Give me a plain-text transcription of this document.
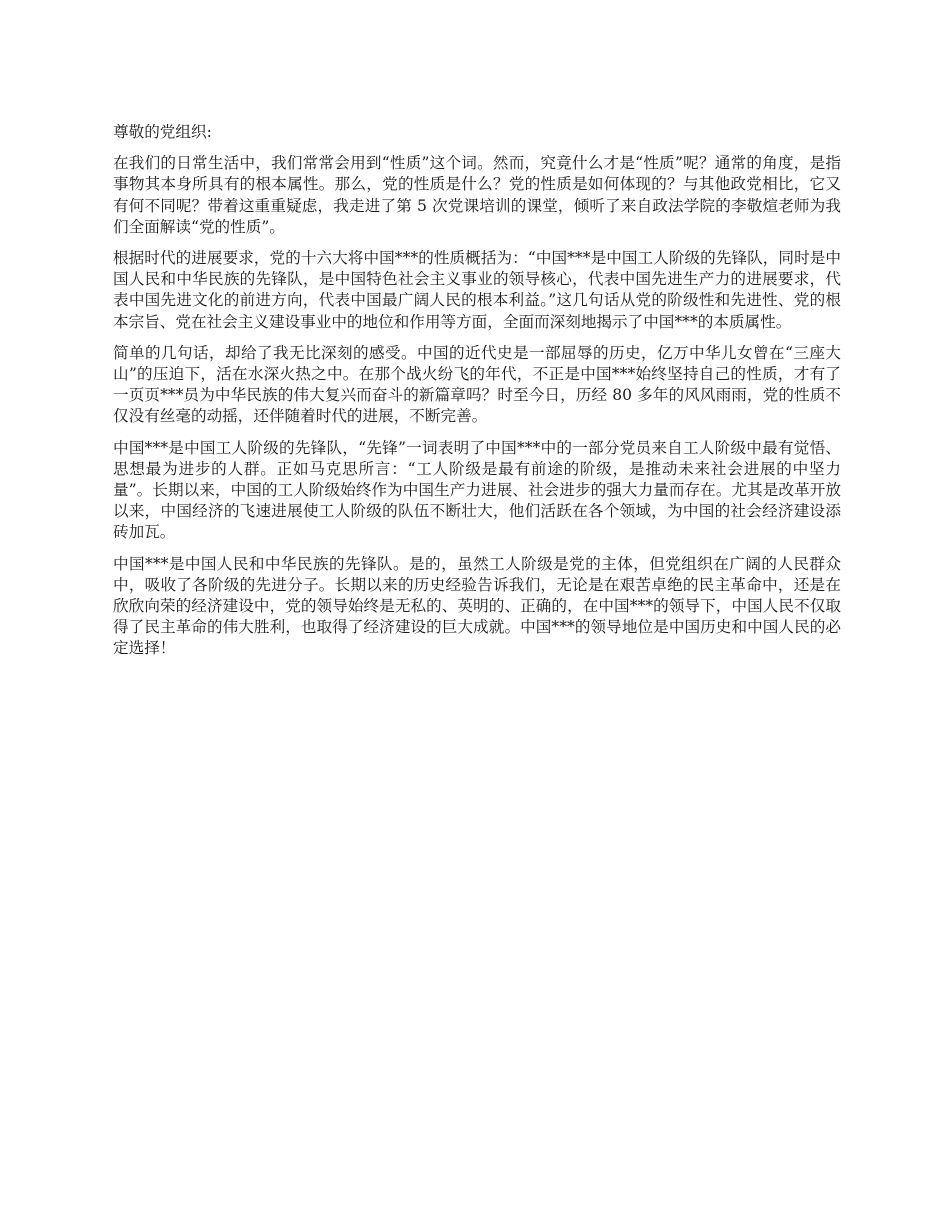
尊敬的党组织:

在我们的日常生活中，我们常常会用到“性质”这个词。然而，究竟什么才是“性质”呢？通常的角度，是指事物其本身所具有的根本属性。那么，党的性质是什么？党的性质是如何体现的？与其他政党相比，它又有何不同呢？带着这重重疑虑，我走进了第 5 次党课培训的课堂，倾听了来自政法学院的李敬煊老师为我们全面解读“党的性质”。

根据时代的进展要求，党的十六大将中国***的性质概括为：“中国***是中国工人阶级的先锋队，同时是中国人民和中华民族的先锋队，是中国特色社会主义事业的领导核心，代表中国先进生产力的进展要求，代表中国先进文化的前进方向，代表中国最广阔人民的根本利益。”这几句话从党的阶级性和先进性、党的根本宗旨、党在社会主义建设事业中的地位和作用等方面，全面而深刻地揭示了中国***的本质属性。

简单的几句话，却给了我无比深刻的感受。中国的近代史是一部屈辱的历史，亿万中华儿女曾在“三座大山”的压迫下，活在水深火热之中。在那个战火纷飞的年代，不正是中国***始终坚持自己的性质，才有了一页页***员为中华民族的伟大复兴而奋斗的新篇章吗？时至今日，历经 80 多年的风风雨雨，党的性质不仅没有丝毫的动摇，还伴随着时代的进展，不断完善。

中国***是中国工人阶级的先锋队，“先锋”一词表明了中国***中的一部分党员来自工人阶级中最有觉悟、思想最为进步的人群。正如马克思所言：“工人阶级是最有前途的阶级，是推动未来社会进展的中坚力量”。长期以来，中国的工人阶级始终作为中国生产力进展、社会进步的强大力量而存在。尤其是改革开放以来，中国经济的飞速进展使工人阶级的队伍不断壮大，他们活跃在各个领域，为中国的社会经济建设添砖加瓦。

中国***是中国人民和中华民族的先锋队。是的，虽然工人阶级是党的主体，但党组织在广阔的人民群众中，吸收了各阶级的先进分子。长期以来的历史经验告诉我们，无论是在艰苦卓绝的民主革命中，还是在欣欣向荣的经济建设中，党的领导始终是无私的、英明的、正确的，在中国***的领导下，中国人民不仅取得了民主革命的伟大胜利，也取得了经济建设的巨大成就。中国***的领导地位是中国历史和中国人民的必定选择！
